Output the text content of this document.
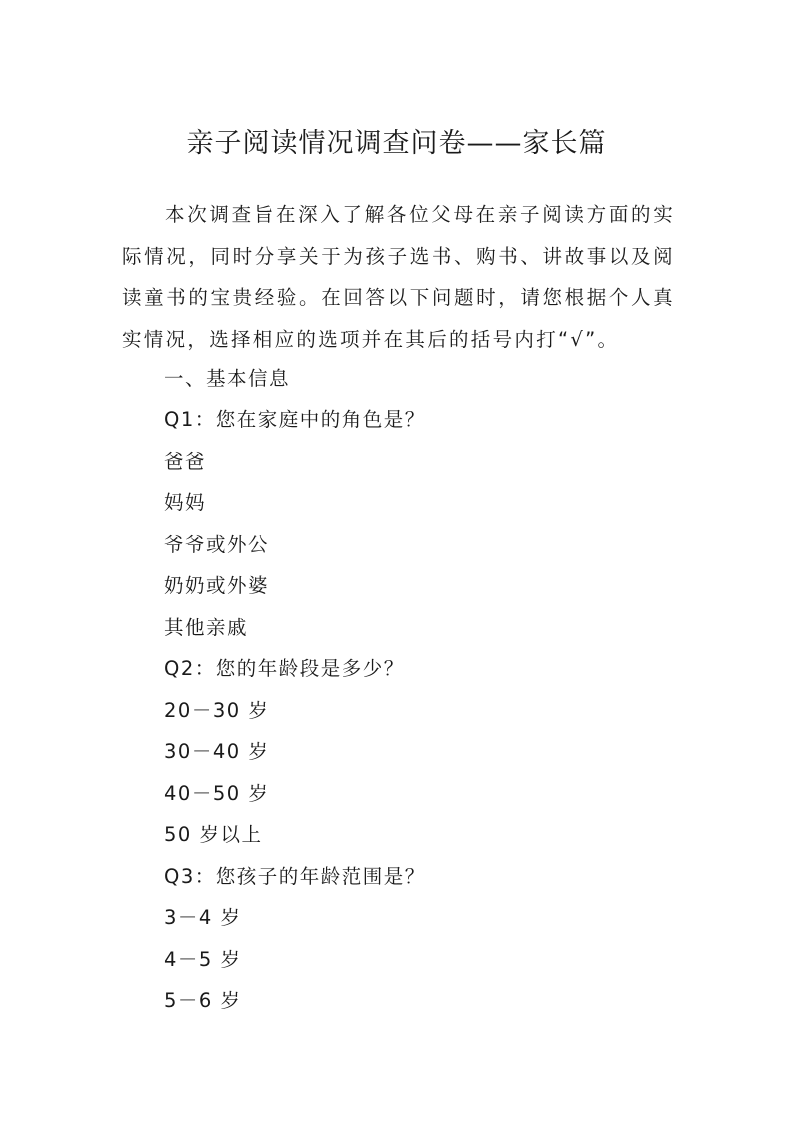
亲子阅读情况调查问卷——家长篇

本次调查旨在深入了解各位父母在亲子阅读方面的实际情况，同时分享关于为孩子选书、购书、讲故事以及阅读童书的宝贵经验。在回答以下问题时，请您根据个人真实情况，选择相应的选项并在其后的括号内打“√”。

一、基本信息

Q1：您在家庭中的角色是？

爸爸

妈妈

爷爷或外公

奶奶或外婆

其他亲戚

Q2：您的年龄段是多少？

20－30 岁

30－40 岁

40－50 岁

50 岁以上

Q3：您孩子的年龄范围是？

3－4 岁

4－5 岁

5－6 岁
